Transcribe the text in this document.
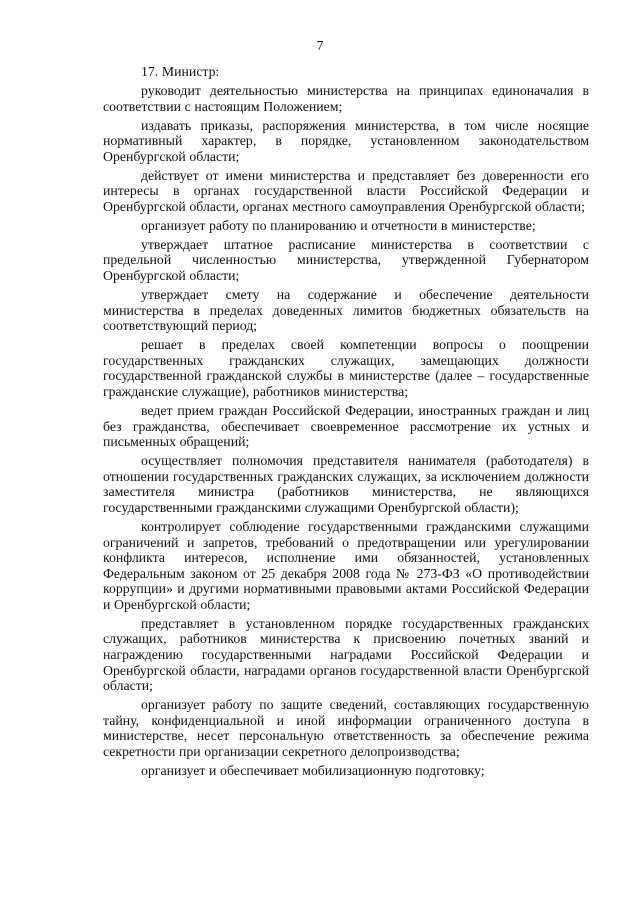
7

17. Министр:

руководит деятельностью министерства на принципах единоначалия в соответствии с настоящим Положением;

издавать приказы, распоряжения министерства, в том числе носящие нормативный характер, в порядке, установленном законодательством Оренбургской области;

действует от имени министерства и представляет без доверенности его интересы в органах государственной власти Российской Федерации и Оренбургской области, органах местного самоуправления Оренбургской области;

организует работу по планированию и отчетности в министерстве;

утверждает штатное расписание министерства в соответствии с предельной численностью министерства, утвержденной Губернатором Оренбургской области;

утверждает смету на содержание и обеспечение деятельности министерства в пределах доведенных лимитов бюджетных обязательств на соответствующий период;

решает в пределах своей компетенции вопросы о поощрении государственных гражданских служащих, замещающих должности государственной гражданской службы в министерстве (далее – государственные гражданские служащие), работников министерства;

ведет прием граждан Российской Федерации, иностранных граждан и лиц без гражданства, обеспечивает своевременное рассмотрение их устных и письменных обращений;

осуществляет полномочия представителя нанимателя (работодателя) в отношении государственных гражданских служащих, за исключением должности заместителя министра (работников министерства, не являющихся государственными гражданскими служащими Оренбургской области);

контролирует соблюдение государственными гражданскими служащими ограничений и запретов, требований о предотвращении или урегулировании конфликта интересов, исполнение ими обязанностей, установленных Федеральным законом от 25 декабря 2008 года № 273-ФЗ «О противодействии коррупции» и другими нормативными правовыми актами Российской Федерации и Оренбургской области;

представляет в установленном порядке государственных гражданских служащих, работников министерства к присвоению почетных званий и награждению государственными наградами Российской Федерации и Оренбургской области, наградами органов государственной власти Оренбургской области;

организует работу по защите сведений, составляющих государственную тайну, конфиденциальной и иной информации ограниченного доступа в министерстве, несет персональную ответственность за обеспечение режима секретности при организации секретного делопроизводства;

организует и обеспечивает мобилизационную подготовку;
